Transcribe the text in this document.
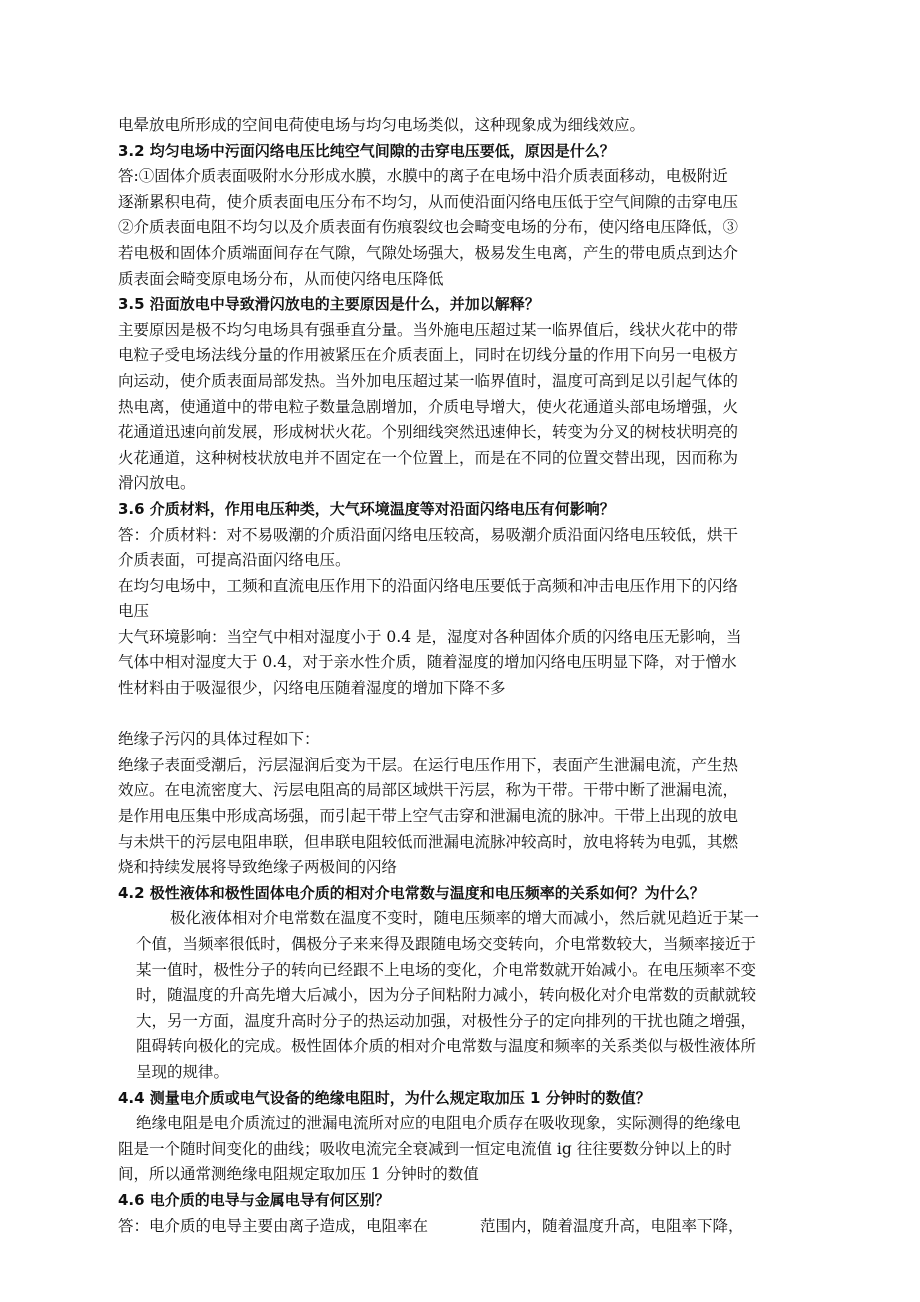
电晕放电所形成的空间电荷使电场与均匀电场类似，这种现象成为细线效应。
3.2 均匀电场中污面闪络电压比纯空气间隙的击穿电压要低，原因是什么？
答:①固体介质表面吸附水分形成水膜，水膜中的离子在电场中沿介质表面移动，电极附近
逐渐累积电荷，使介质表面电压分布不均匀，从而使沿面闪络电压低于空气间隙的击穿电压
②介质表面电阻不均匀以及介质表面有伤痕裂纹也会畸变电场的分布，使闪络电压降低，③
若电极和固体介质端面间存在气隙，气隙处场强大，极易发生电离，产生的带电质点到达介
质表面会畸变原电场分布，从而使闪络电压降低
3.5 沿面放电中导致滑闪放电的主要原因是什么，并加以解释？
主要原因是极不均匀电场具有强垂直分量。当外施电压超过某一临界值后，线状火花中的带
电粒子受电场法线分量的作用被紧压在介质表面上，同时在切线分量的作用下向另一电极方
向运动，使介质表面局部发热。当外加电压超过某一临界值时，温度可高到足以引起气体的
热电离，使通道中的带电粒子数量急剧增加，介质电导增大，使火花通道头部电场增强，火
花通道迅速向前发展，形成树状火花。个别细线突然迅速伸长，转变为分叉的树枝状明亮的
火花通道，这种树枝状放电并不固定在一个位置上，而是在不同的位置交替出现，因而称为
滑闪放电。
3.6 介质材料，作用电压种类，大气环境温度等对沿面闪络电压有何影响？
答：介质材料：对不易吸潮的介质沿面闪络电压较高，易吸潮介质沿面闪络电压较低，烘干
介质表面，可提高沿面闪络电压。
在均匀电场中，工频和直流电压作用下的沿面闪络电压要低于高频和冲击电压作用下的闪络
电压
大气环境影响：当空气中相对湿度小于 0.4 是，湿度对各种固体介质的闪络电压无影响，当
气体中相对湿度大于 0.4，对于亲水性介质，随着湿度的增加闪络电压明显下降，对于憎水
性材料由于吸湿很少，闪络电压随着湿度的增加下降不多
绝缘子污闪的具体过程如下：
绝缘子表面受潮后，污层湿润后变为干层。在运行电压作用下，表面产生泄漏电流，产生热
效应。在电流密度大、污层电阻高的局部区域烘干污层，称为干带。干带中断了泄漏电流，
是作用电压集中形成高场强，而引起干带上空气击穿和泄漏电流的脉冲。干带上出现的放电
与未烘干的污层电阻串联，但串联电阻较低而泄漏电流脉冲较高时，放电将转为电弧，其燃
烧和持续发展将导致绝缘子两极间的闪络
4.2 极性液体和极性固体电介质的相对介电常数与温度和电压频率的关系如何？为什么？
极化液体相对介电常数在温度不变时，随电压频率的增大而减小，然后就见趋近于某一
个值，当频率很低时，偶极分子来来得及跟随电场交变转向，介电常数较大，当频率接近于
某一值时，极性分子的转向已经跟不上电场的变化，介电常数就开始减小。在电压频率不变
时，随温度的升高先增大后减小，因为分子间粘附力减小，转向极化对介电常数的贡献就较
大，另一方面，温度升高时分子的热运动加强，对极性分子的定向排列的干扰也随之增强，
阻碍转向极化的完成。极性固体介质的相对介电常数与温度和频率的关系类似与极性液体所
呈现的规律。
4.4 测量电介质或电气设备的绝缘电阻时，为什么规定取加压 1 分钟时的数值？
绝缘电阻是电介质流过的泄漏电流所对应的电阻电介质存在吸收现象，实际测得的绝缘电
阻是一个随时间变化的曲线；吸收电流完全衰减到一恒定电流值 ig 往往要数分钟以上的时
间，所以通常测绝缘电阻规定取加压 1 分钟时的数值
4.6 电介质的电导与金属电导有何区别？
答：电介质的电导主要由离子造成，电阻率在	范围内，随着温度升高，电阻率下降，
